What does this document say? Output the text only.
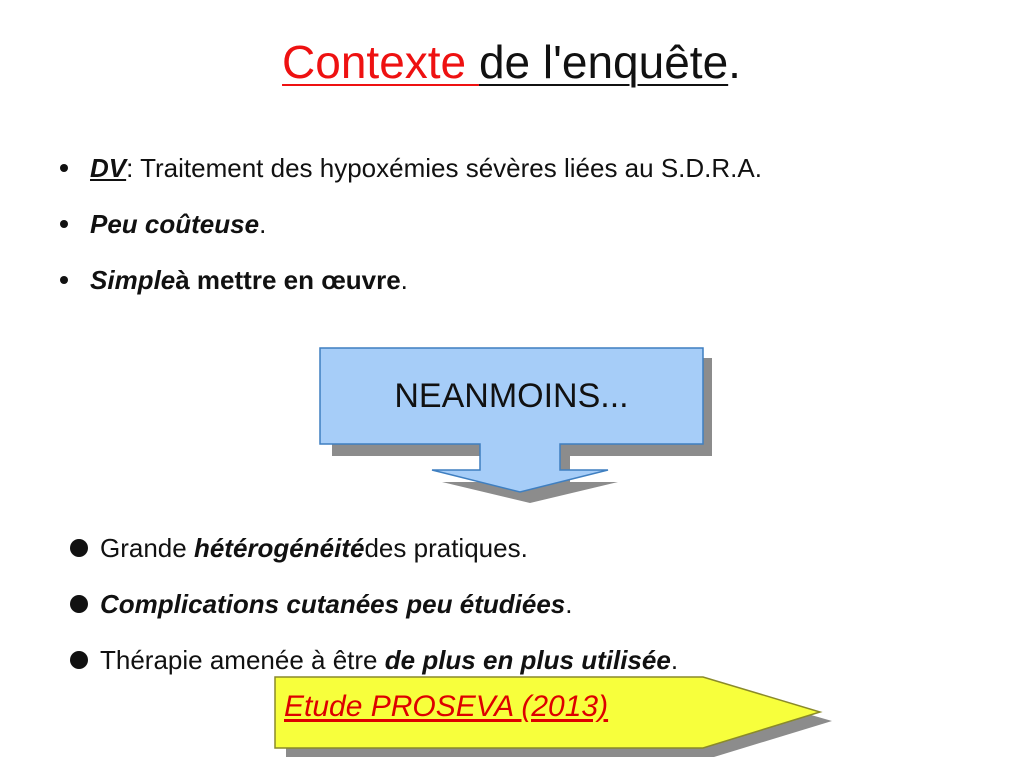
Contexte de l'enquête.
DV : Traitement des hypoxémies sévères liées au S.D.R.A.
Peu coûteuse .
Simple à mettre en œuvre .
NEANMOINS...
Grande
hétérogénéité des pratiques.
Complications cutanées peu étudiées .
Thérapie amenée à être
de plus en plus utilisée .
Etude PROSEVA (2013)
